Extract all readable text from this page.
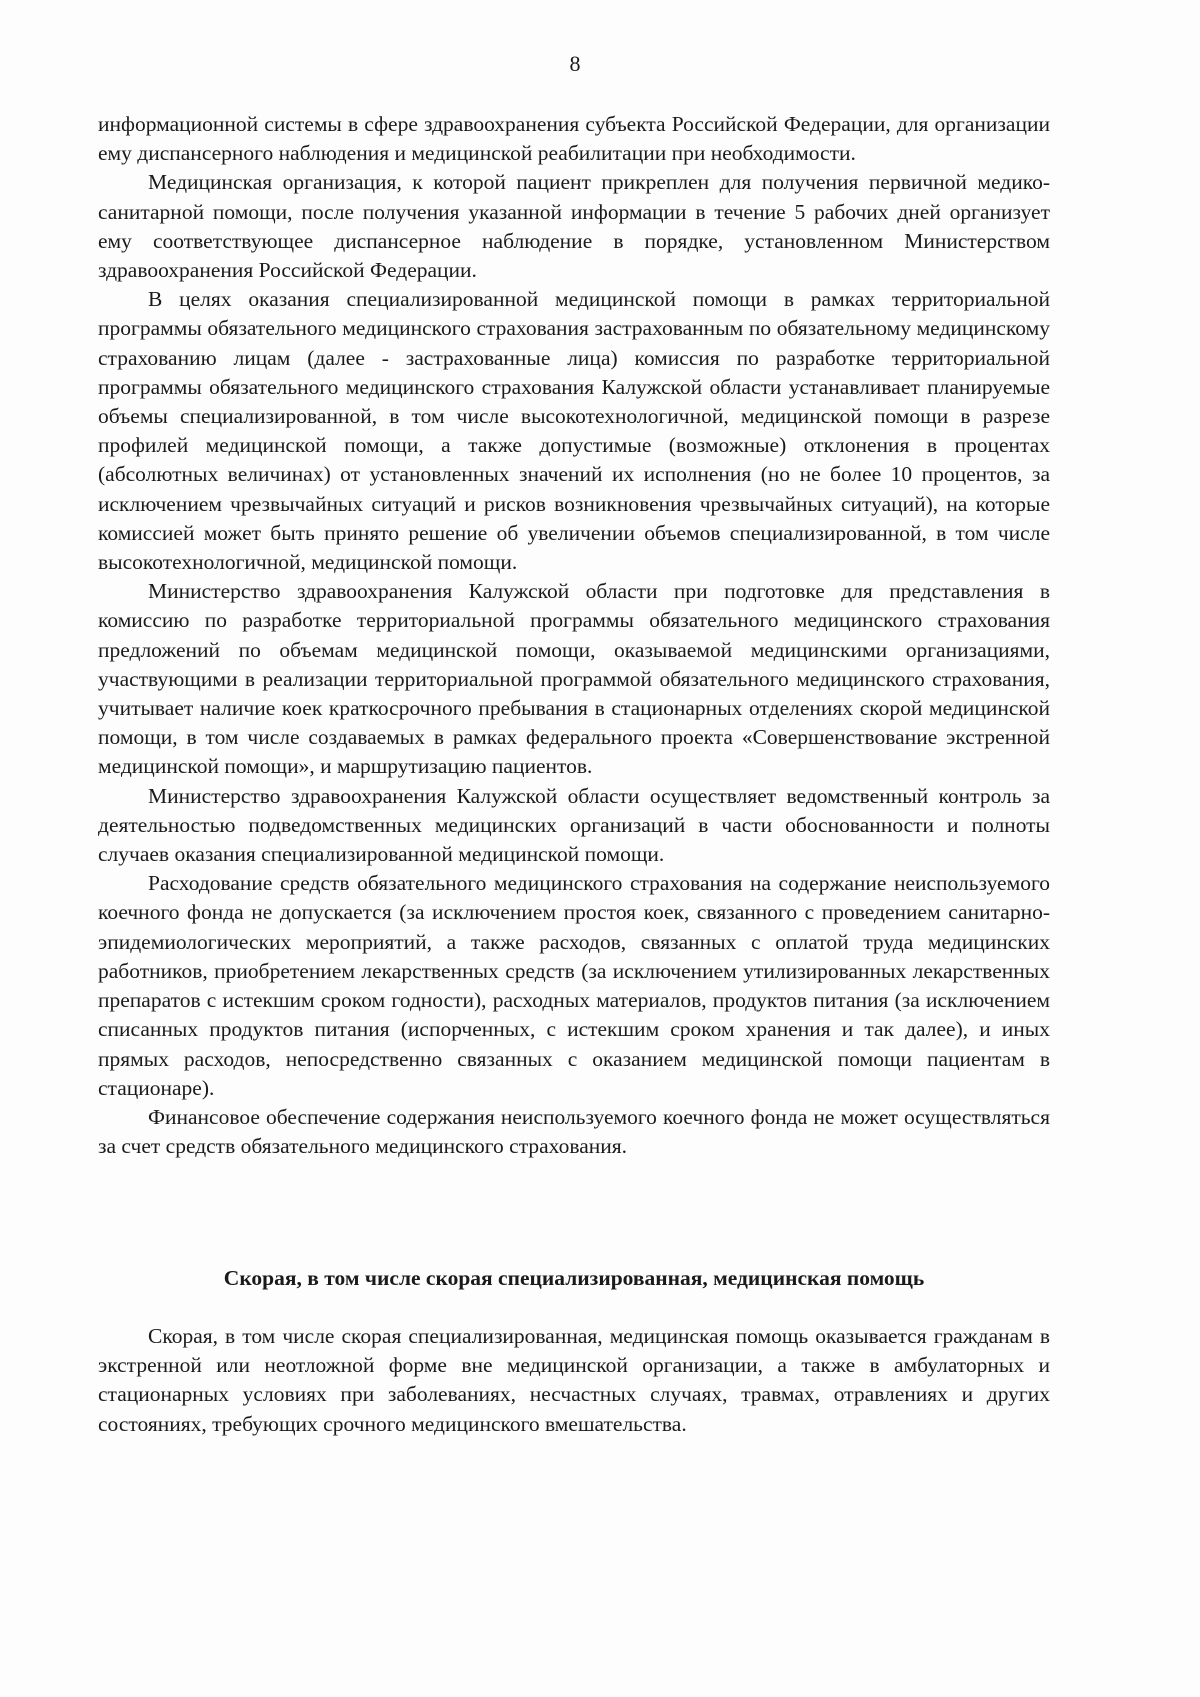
8

информационной системы в сфере здравоохранения субъекта Российской Федерации, для организации ему диспансерного наблюдения и медицинской реабилитации при необходимости.

Медицинская организация, к которой пациент прикреплен для получения первичной медико-санитарной помощи, после получения указанной информации в течение 5 рабочих дней организует ему соответствующее диспансерное наблюдение в порядке, установленном Министерством здравоохранения Российской Федерации.

В целях оказания специализированной медицинской помощи в рамках территориальной программы обязательного медицинского страхования застрахованным по обязательному медицинскому страхованию лицам (далее - застрахованные лица) комиссия по разработке территориальной программы обязательного медицинского страхования Калужской области устанавливает планируемые объемы специализированной, в том числе высокотехнологичной, медицинской помощи в разрезе профилей медицинской помощи, а также допустимые (возможные) отклонения в процентах (абсолютных величинах) от установленных значений их исполнения (но не более 10 процентов, за исключением чрезвычайных ситуаций и рисков возникновения чрезвычайных ситуаций), на которые комиссией может быть принято решение об увеличении объемов специализированной, в том числе высокотехнологичной, медицинской помощи.

Министерство здравоохранения Калужской области при подготовке для представления в комиссию по разработке территориальной программы обязательного медицинского страхования предложений по объемам медицинской помощи, оказываемой медицинскими организациями, участвующими в реализации территориальной программой обязательного медицинского страхования, учитывает наличие коек краткосрочного пребывания в стационарных отделениях скорой медицинской помощи, в том числе создаваемых в рамках федерального проекта «Совершенствование экстренной медицинской помощи», и маршрутизацию пациентов.

Министерство здравоохранения Калужской области осуществляет ведомственный контроль за деятельностью подведомственных медицинских организаций в части обоснованности и полноты случаев оказания специализированной медицинской помощи.

Расходование средств обязательного медицинского страхования на содержание неиспользуемого коечного фонда не допускается (за исключением простоя коек, связанного с проведением санитарно-эпидемиологических мероприятий, а также расходов, связанных с оплатой труда медицинских работников, приобретением лекарственных средств (за исключением утилизированных лекарственных препаратов с истекшим сроком годности), расходных материалов, продуктов питания (за исключением списанных продуктов питания (испорченных, с истекшим сроком хранения и так далее), и иных прямых расходов, непосредственно связанных с оказанием медицинской помощи пациентам в стационаре).

Финансовое обеспечение содержания неиспользуемого коечного фонда не может осуществляться за счет средств обязательного медицинского страхования.

Скорая, в том числе скорая специализированная, медицинская помощь

Скорая, в том числе скорая специализированная, медицинская помощь оказывается гражданам в экстренной или неотложной форме вне медицинской организации, а также в амбулаторных и стационарных условиях при заболеваниях, несчастных случаях, травмах, отравлениях и других состояниях, требующих срочного медицинского вмешательства.
